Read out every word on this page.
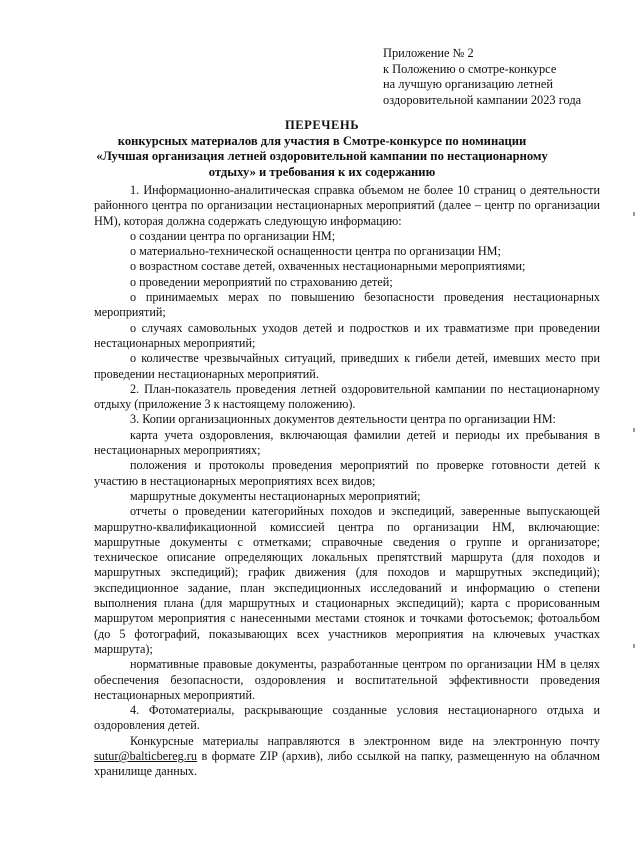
Приложение № 2
к Положению о смотре-конкурсе
на лучшую организацию летней
оздоровительной кампании 2023 года
ПЕРЕЧЕНЬ
конкурсных материалов для участия в Смотре-конкурсе по номинации
«Лучшая организация летней оздоровительной кампании по нестационарному
отдыху» и требования к их содержанию

1. Информационно-аналитическая справка объемом не более 10 страниц о деятельности районного центра по организации нестационарных мероприятий (далее – центр по организации НМ), которая должна содержать следующую информацию:

о создании центра по организации НМ;

о материально-технической оснащенности центра по организации НМ;

о возрастном составе детей, охваченных нестационарными мероприятиями;

о проведении мероприятий по страхованию детей;

о принимаемых мерах по повышению безопасности проведения нестационарных мероприятий;

о случаях самовольных уходов детей и подростков и их травматизме при проведении нестационарных мероприятий;

о количестве чрезвычайных ситуаций, приведших к гибели детей, имевших место при проведении нестационарных мероприятий.

2. План-показатель проведения летней оздоровительной кампании по нестационарному отдыху (приложение 3 к настоящему положению).

3. Копии организационных документов деятельности центра по организации НМ:

карта учета оздоровления, включающая фамилии детей и периоды их пребывания в нестационарных мероприятиях;

положения и протоколы проведения мероприятий по проверке готовности детей к участию в нестационарных мероприятиях всех видов;

маршрутные документы нестационарных мероприятий;

отчеты о проведении категорийных походов и экспедиций, заверенные выпускающей маршрутно-квалификационной комиссией центра по организации НМ, включающие: маршрутные документы с отметками; справочные сведения о группе и организаторе; техническое описание определяющих локальных препятствий маршрута (для походов и маршрутных экспедиций); график движения (для походов и маршрутных экспедиций); экспедиционное задание, план экспедиционных исследований и информацию о степени выполнения плана (для маршрутных и стационарных экспедиций); карта с прорисованным маршрутом мероприятия с нанесенными местами стоянок и точками фотосъемок; фотоальбом (до 5 фотографий, показывающих всех участников мероприятия на ключевых участках маршрута);

нормативные правовые документы, разработанные центром по организации НМ в целях обеспечения безопасности, оздоровления и воспитательной эффективности проведения нестационарных мероприятий.

4. Фотоматериалы, раскрывающие созданные условия нестационарного отдыха и оздоровления детей.

Конкурсные материалы направляются в электронном виде на электронную почту sutur@balticbereg.ru в формате ZIP (архив), либо ссылкой на папку, размещенную на облачном хранилище данных.
